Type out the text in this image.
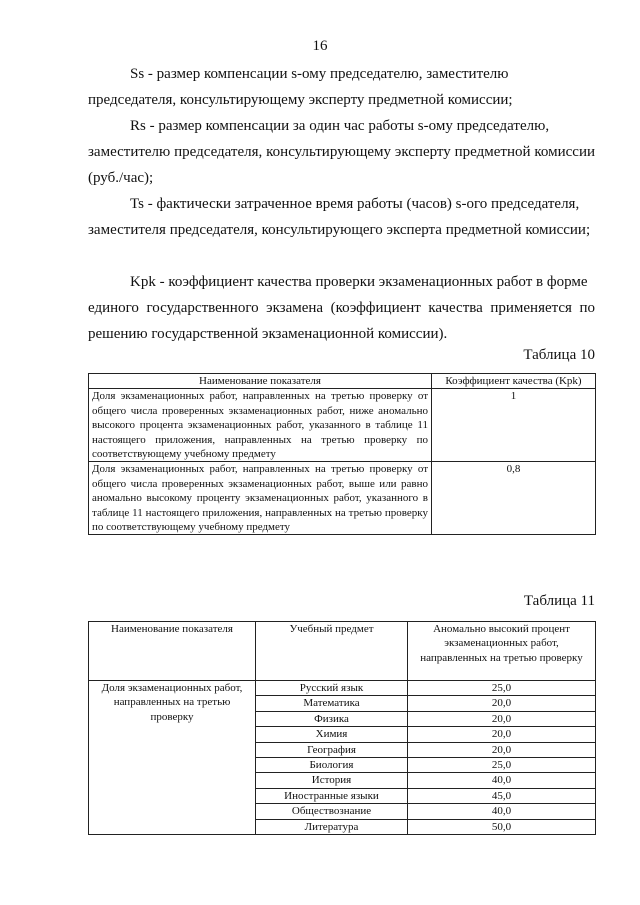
16
Ss - размер компенсации s-ому председателю, заместителю
председателя, консультирующему эксперту предметной комиссии;
Rs - размер компенсации за один час работы s-ому председателю,
заместителю председателя, консультирующему эксперту предметной комиссии (руб./час);
Ts - фактически затраченное время работы (часов) s-ого председателя,
заместителя председателя, консультирующего эксперта предметной комиссии;
Kpk - коэффициент качества проверки экзаменационных работ в форме
единого государственного экзамена (коэффициент качества применяется по решению государственной экзаменационной комиссии).
Таблица 10
Наименование показателя	Коэффициент качества (Kpk)
Доля экзаменационных работ, направленных на третью проверку от общего числа проверенных экзаменационных работ, ниже аномально высокого процента экзаменационных работ, указанного в таблице 11 настоящего приложения, направленных на третью проверку по соответствующему учебному предмету	1
Доля экзаменационных работ, направленных на третью проверку от общего числа проверенных экзаменационных работ, выше или равно аномально высокому проценту экзаменационных работ, указанного в таблице 11 настоящего приложения, направленных на третью проверку по соответствующему учебному предмету	0,8
Таблица 11
Наименование показателя	Учебный предмет	Аномально высокий процент экзаменационных работ, направленных на третью проверку
Доля экзаменационных работ, направленных на третью проверку	Русский язык	25,0
	Математика	20,0
	Физика	20,0
	Химия	20,0
	География	20,0
	Биология	25,0
	История	40,0
	Иностранные языки	45,0
	Обществознание	40,0
	Литература	50,0
